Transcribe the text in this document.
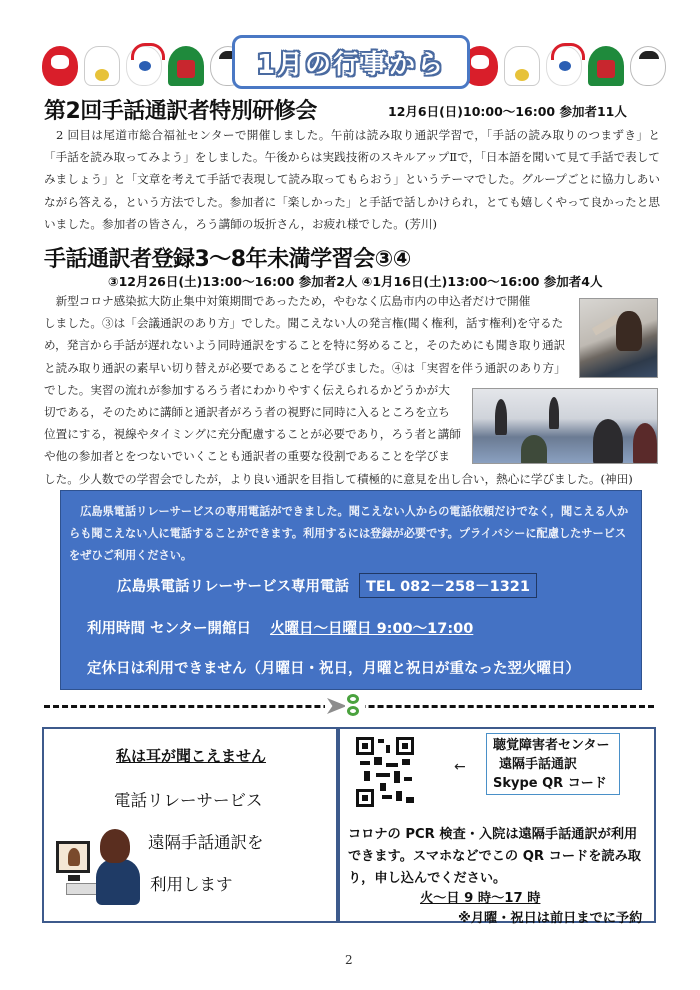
1月の行事から
第2回手話通訳者特別研修会	12月6日(日)10:00～16:00 参加者11人
　2 回目は尾道市総合福祉センターで開催しました。午前は読み取り通訳学習で，「手話の読み取りのつまずき」と「手話を読み取ってみよう」をしました。午後からは実践技術のスキルアップⅡで，「日本語を聞いて見て手話で表してみましょう」と「文章を考えて手話で表現して読み取ってもらおう」というテーマでした。グループごとに協力しあいながら答える，という方法でした。参加者に「楽しかった」と手話で話しかけられ，とても嬉しくやって良かったと思いました。参加者の皆さん，ろう講師の坂折さん，お疲れ様でした。(芳川)
手話通訳者登録3～8年未満学習会③④
③12月26日(土)13:00～16:00 参加者2人 ④1月16日(土)13:00～16:00 参加者4人
　新型コロナ感染拡大防止集中対策期間であったため，やむなく広島市内の申込者だけで開催
しました。③は「会議通訳のあり方」でした。聞こえない人の発言権(聞く権利，話す権利)を守るた
め，発言から手話が遅れないよう同時通訳をすることを特に努めること，そのためにも聞き取り通訳
と読み取り通訳の素早い切り替えが必要であることを学びました。④は「実習を伴う通訳のあり方」
でした。実習の流れが参加するろう者にわかりやすく伝えられるかどうかが大
切である，そのために講師と通訳者がろう者の視野に同時に入るところを立ち
位置にする，視線やタイミングに充分配慮することが必要であり，ろう者と講師
や他の参加者とをつないでいくことも通訳者の重要な役割であることを学びま
した。少人数での学習会でしたが，より良い通訳を目指して積極的に意見を出し合い，熱心に学びました。(神田)
　広島県電話リレーサービスの専用電話ができました。聞こえない人からの電話依頼だけでなく，聞こえる人からも聞こえない人に電話することができます。利用するには登録が必要です。プライバシーに配慮したサービスをぜひご利用ください。
広島県電話リレーサービス専用電話 TEL 082－258－1321
利用時間 センター開館日 火曜日～日曜日 9:00～17:00
定休日は利用できません（月曜日・祝日，月曜と祝日が重なった翌火曜日）
私は耳が聞こえません
電話リレーサービス
遠隔手話通訳を
利用します
←
聴覚障害者センター
遠隔手話通訳
Skype QR コード
コロナの PCR 検査・入院は遠隔手話通訳が利用
できます。スマホなどでこの QR コードを読み取
り，申し込んでください。
火～日 9 時～17 時
※月曜・祝日は前日までに予約
2
